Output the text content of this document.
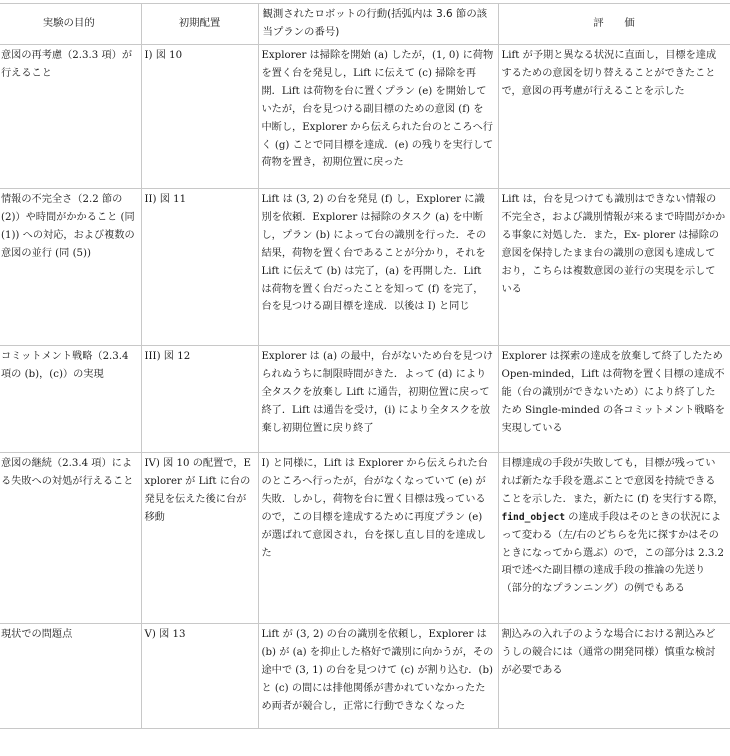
実験の目的	初期配置	観測されたロボットの行動(括弧内は 3.6 節の該当プランの番号)	評　　価
意図の再考慮（2.3.3 項）が行えること	I) 図 10	Explorer は掃除を開始 (a) したが，(1, 0) に荷物を置く台を発見し，Lift に伝えて (c) 掃除を再開．Lift は荷物を台に置くプラン (e) を開始していたが，台を見つける副目標のための意図 (f) を中断し，Explorer から伝えられた台のところへ行く (g) ことで同目標を達成．(e) の残りを実行して荷物を置き，初期位置に戻った	Lift が予期と異なる状況に直面し，目標を達成するための意図を切り替えることができたことで，意図の再考慮が行えることを示した
情報の不完全さ（2.2 節の (2)）や時間がかかること (同 (1)) への対応，および複数の意図の並行 (同 (5))	II) 図 11	Lift は (3, 2) の台を発見 (f) し，Explorer に識別を依頼．Explorer は掃除のタスク (a) を中断し，プラン (b) によって台の識別を行った．その結果，荷物を置く台であることが分かり，それを Lift に伝えて (b) は完了，(a) を再開した．Lift は荷物を置く台だったことを知って (f) を完了，台を見つける副目標を達成．以後は I) と同じ	Lift は，台を見つけても識別はできない情報の不完全さ，および識別情報が来るまで時間がかかる事象に対処した．また，Ex- plorer は掃除の意図を保持したまま台の識別の意図も達成しており，こちらは複数意図の並行の実現を示している
コミットメント戦略（2.3.4 項の (b)，(c)）の実現	III) 図 12	Explorer は (a) の最中，台がないため台を見つけられぬうちに制限時間がきた．よって (d) により全タスクを放棄し Lift に通告，初期位置に戻って終了．Lift は通告を受け，(i) により全タスクを放棄し初期位置に戻り終了	Explorer は探索の達成を放棄して終了したため Open-minded，Lift は荷物を置く目標の達成不能（台の識別ができないため）により終了したため Single-minded の各コミットメント戦略を実現している
意図の継続（2.3.4 項）による失敗への対処が行えること	IV) 図 10 の配置で，Explorer が Lift に台の発見を伝えた後に台が移動	I) と同様に，Lift は Explorer から伝えられた台のところへ行ったが，台がなくなっていて (e) が失敗．しかし，荷物を台に置く目標は残っているので，この目標を達成するために再度プラン (e) が選ばれて意図され，台を探し直し目的を達成した	目標達成の手段が失敗しても，目標が残っていれば新たな手段を選ぶことで意図を持続できることを示した．また，新たに (f) を実行する際，find_object の達成手段はそのときの状況によって変わる（左/右のどちらを先に探すかはそのときになってから選ぶ）ので，この部分は 2.3.2 項で述べた副目標の達成手段の推論の先送り（部分的なプランニング）の例でもある
現状での問題点	V) 図 13	Lift が (3, 2) の台の識別を依頼し，Explorer は (b) が (a) を抑止した格好で識別に向かうが，その途中で (3, 1) の台を見つけて (c) が割り込む．(b) と (c) の間には排他関係が書かれていなかったため両者が競合し，正常に行動できなくなった	割込みの入れ子のような場合における割込みどうしの競合には（通常の開発同様）慎重な検討が必要である
